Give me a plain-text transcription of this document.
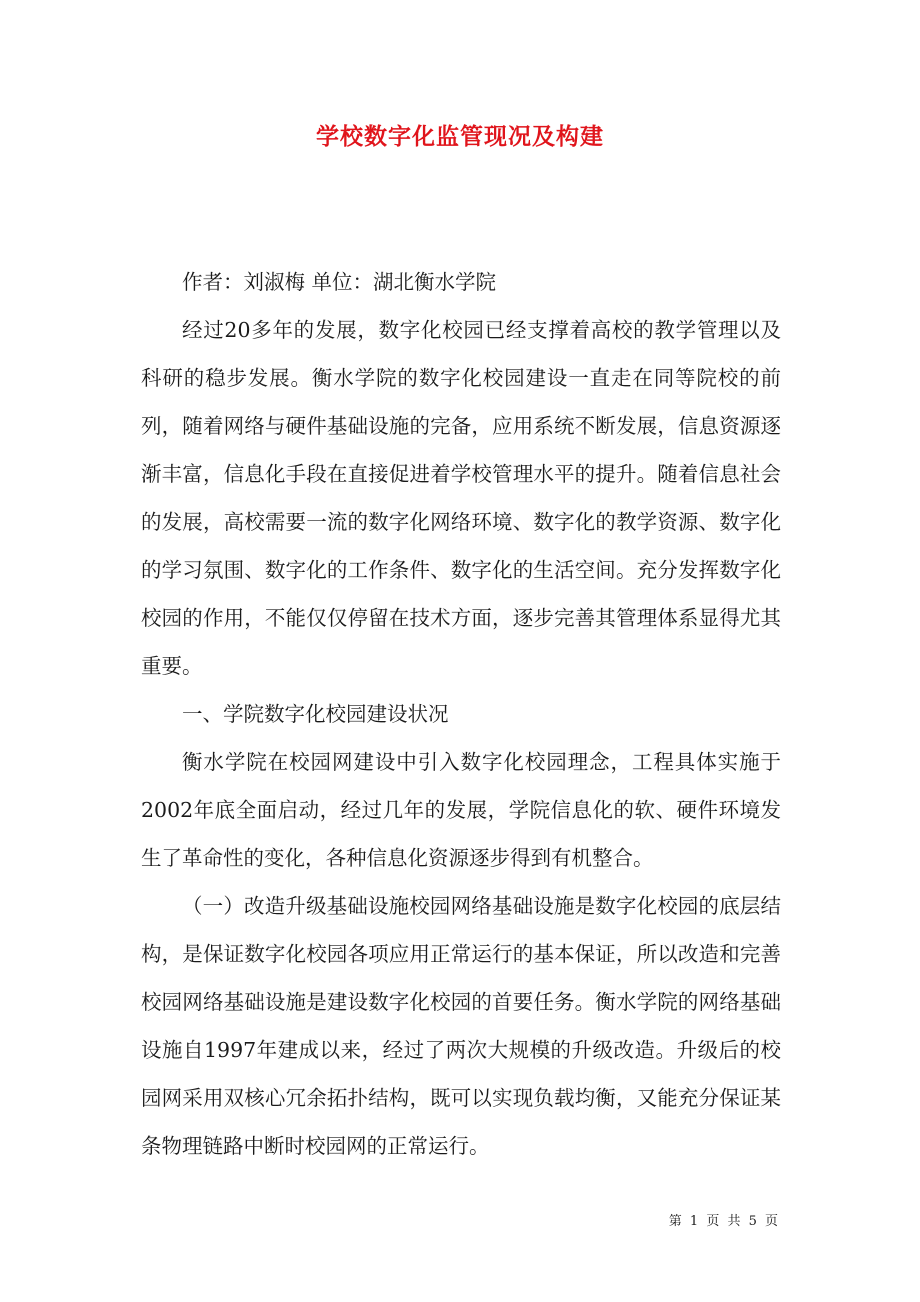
学校数字化监管现况及构建

作者：刘淑梅 单位：湖北衡水学院

经过20多年的发展，数字化校园已经支撑着高校的教学管理以及科研的稳步发展。衡水学院的数字化校园建设一直走在同等院校的前列，随着网络与硬件基础设施的完备，应用系统不断发展，信息资源逐渐丰富，信息化手段在直接促进着学校管理水平的提升。随着信息社会的发展，高校需要一流的数字化网络环境、数字化的教学资源、数字化的学习氛围、数字化的工作条件、数字化的生活空间。充分发挥数字化校园的作用，不能仅仅停留在技术方面，逐步完善其管理体系显得尤其重要。

一、学院数字化校园建设状况

衡水学院在校园网建设中引入数字化校园理念，工程具体实施于2002年底全面启动，经过几年的发展，学院信息化的软、硬件环境发生了革命性的变化，各种信息化资源逐步得到有机整合。

（一）改造升级基础设施校园网络基础设施是数字化校园的底层结构，是保证数字化校园各项应用正常运行的基本保证，所以改造和完善校园网络基础设施是建设数字化校园的首要任务。衡水学院的网络基础设施自1997年建成以来，经过了两次大规模的升级改造。升级后的校园网采用双核心冗余拓扑结构，既可以实现负载均衡，又能充分保证某条物理链路中断时校园网的正常运行。

第 1 页 共 5 页
